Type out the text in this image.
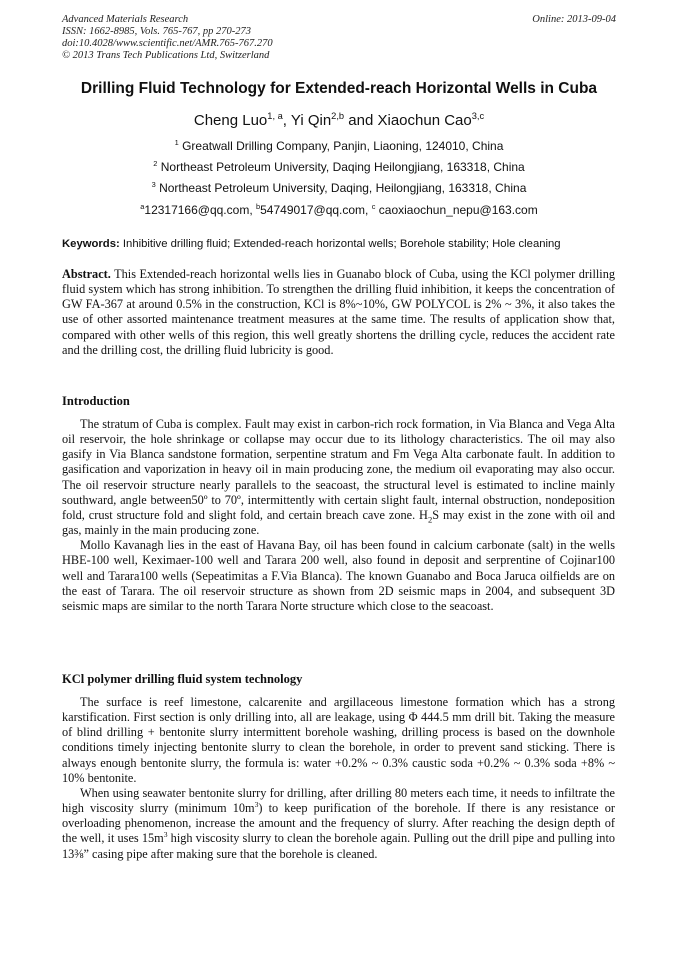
Advanced Materials Research
ISSN: 1662-8985, Vols. 765-767, pp 270-273
doi:10.4028/www.scientific.net/AMR.765-767.270
© 2013 Trans Tech Publications Ltd, Switzerland
Online: 2013-09-04
Drilling Fluid Technology for Extended-reach Horizontal Wells in Cuba
Cheng Luo$^{1, a}$, Yi Qin$^{2,b}$ and Xiaochun Cao$^{3,c}$
$^1$ Greatwall Drilling Company, Panjin, Liaoning, 124010, China
$^2$ Northeast Petroleum University, Daqing Heilongjiang, 163318, China
$^3$ Northeast Petroleum University, Daqing, Heilongjiang, 163318, China
$^a$12317166@qq.com, $^b$54749017@qq.com, $^c$ caoxiaochun_nepu@163.com
Keywords: Inhibitive drilling fluid; Extended-reach horizontal wells; Borehole stability; Hole cleaning

Abstract. This Extended-reach horizontal wells lies in Guanabo block of Cuba, using the KCl polymer drilling fluid system which has strong inhibition. To strengthen the drilling fluid inhibition, it keeps the concentration of GW FA-367 at around 0.5% in the construction, KCl is 8%~10%, GW POLYCOL is 2% ~ 3%, it also takes the use of other assorted maintenance treatment measures at the same time. The results of application show that, compared with other wells of this region, this well greatly shortens the drilling cycle, reduces the accident rate and the drilling cost, the drilling fluid lubricity is good.

Introduction

The stratum of Cuba is complex. Fault may exist in carbon-rich rock formation, in Via Blanca and Vega Alta oil reservoir, the hole shrinkage or collapse may occur due to its lithology characteristics. The oil may also gasify in Via Blanca sandstone formation, serpentine stratum and Fm Vega Alta carbonate fault. In addition to gasification and vaporization in heavy oil in main producing zone, the medium oil evaporating may also occur. The oil reservoir structure nearly parallels to the seacoast, the structural level is estimated to incline mainly southward, angle between50º to 70º, intermittently with certain slight fault, internal obstruction, nondeposition fold, crust structure fold and slight fold, and certain breach cave zone. $H_2S$ may exist in the zone with oil and gas, mainly in the main producing zone.

Mollo Kavanagh lies in the east of Havana Bay, oil has been found in calcium carbonate (salt) in the wells HBE-100 well, Keximaer-100 well and Tarara 200 well, also found in deposit and serprentine of Cojinar100 well and Tarara100 wells (Sepeatimitas a F.Via Blanca). The known Guanabo and Boca Jaruca oilfields are on the east of Tarara. The oil reservoir structure as shown from 2D seismic maps in 2004, and subsequent 3D seismic maps are similar to the north Tarara Norte structure which close to the seacoast.

KCl polymer drilling fluid system technology

The surface is reef limestone, calcarenite and argillaceous limestone formation which has a strong karstification. First section is only drilling into, all are leakage, using Φ 444.5 mm drill bit. Taking the measure of blind drilling + bentonite slurry intermittent borehole washing, drilling process is based on the downhole conditions timely injecting bentonite slurry to clean the borehole, in order to prevent sand sticking. There is always enough bentonite slurry, the formula is: water +0.2% ~ 0.3% caustic soda +0.2% ~ 0.3% soda +8% ~ 10% bentonite.

When using seawater bentonite slurry for drilling, after drilling 80 meters each time, it needs to infiltrate the high viscosity slurry (minimum $10m^3$) to keep purification of the borehole. If there is any resistance or overloading phenomenon, increase the amount and the frequency of slurry. After reaching the design depth of the well, it uses $15m^3$ high viscosity slurry to clean the borehole again. Pulling out the drill pipe and pulling into 13⅜” casing pipe after making sure that the borehole is cleaned.
